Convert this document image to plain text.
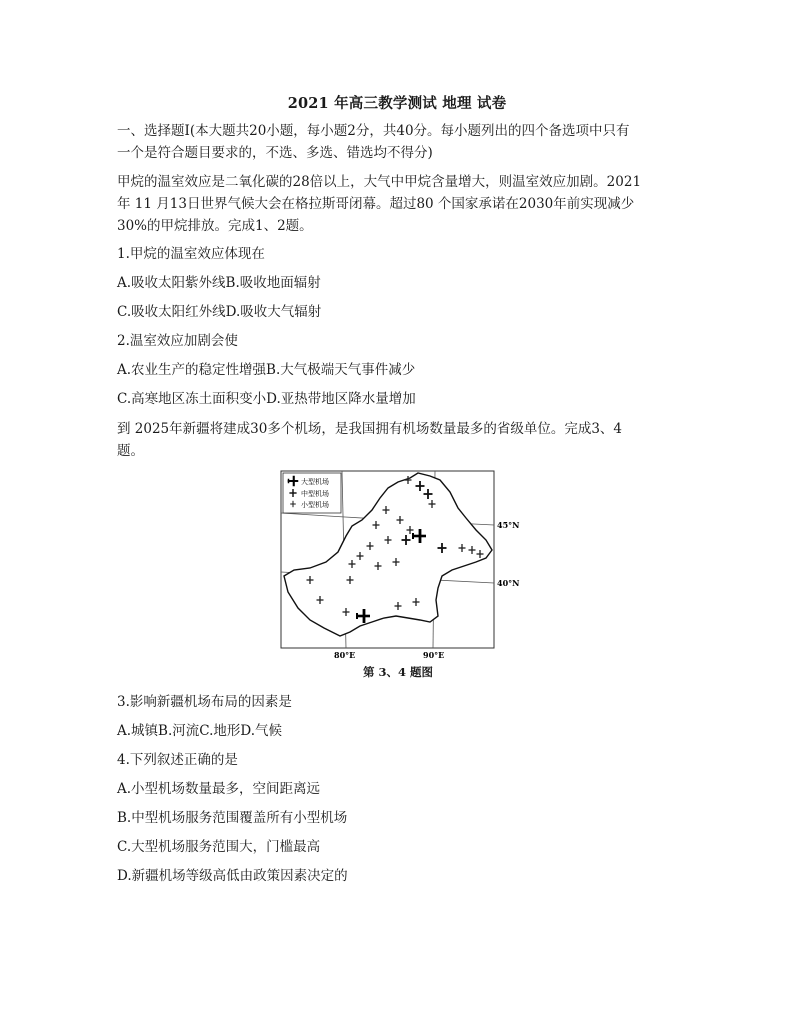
2021 年高三教学测试 地理 试卷
一、选择题Ⅰ(本大题共20小题，每小题2分，共40分。每小题列出的四个备选项中只有
一个是符合题目要求的，不选、多选、错选均不得分)
甲烷的温室效应是二氧化碳的28倍以上，大气中甲烷含量增大，则温室效应加剧。2021
年 11 月13日世界气候大会在格拉斯哥闭幕。超过80 个国家承诺在2030年前实现减少
30%的甲烷排放。完成1、2题。
1.甲烷的温室效应体现在
A.吸收太阳紫外线B.吸收地面辐射
C.吸收太阳红外线D.吸收大气辐射
2.温室效应加剧会使
A.农业生产的稳定性增强B.大气极端天气事件减少
C.高寒地区冻土面积变小D.亚热带地区降水量增加
到 2025年新疆将建成30多个机场，是我国拥有机场数量最多的省级单位。完成3、4
题。
大型机场
中型机场
小型机场
45°N
40°N
80°E	90°E
第 3、4 题图
3.影响新疆机场布局的因素是
A.城镇B.河流C.地形D.气候
4.下列叙述正确的是
A.小型机场数量最多，空间距离远
B.中型机场服务范围覆盖所有小型机场
C.大型机场服务范围大，门槛最高
D.新疆机场等级高低由政策因素决定的
